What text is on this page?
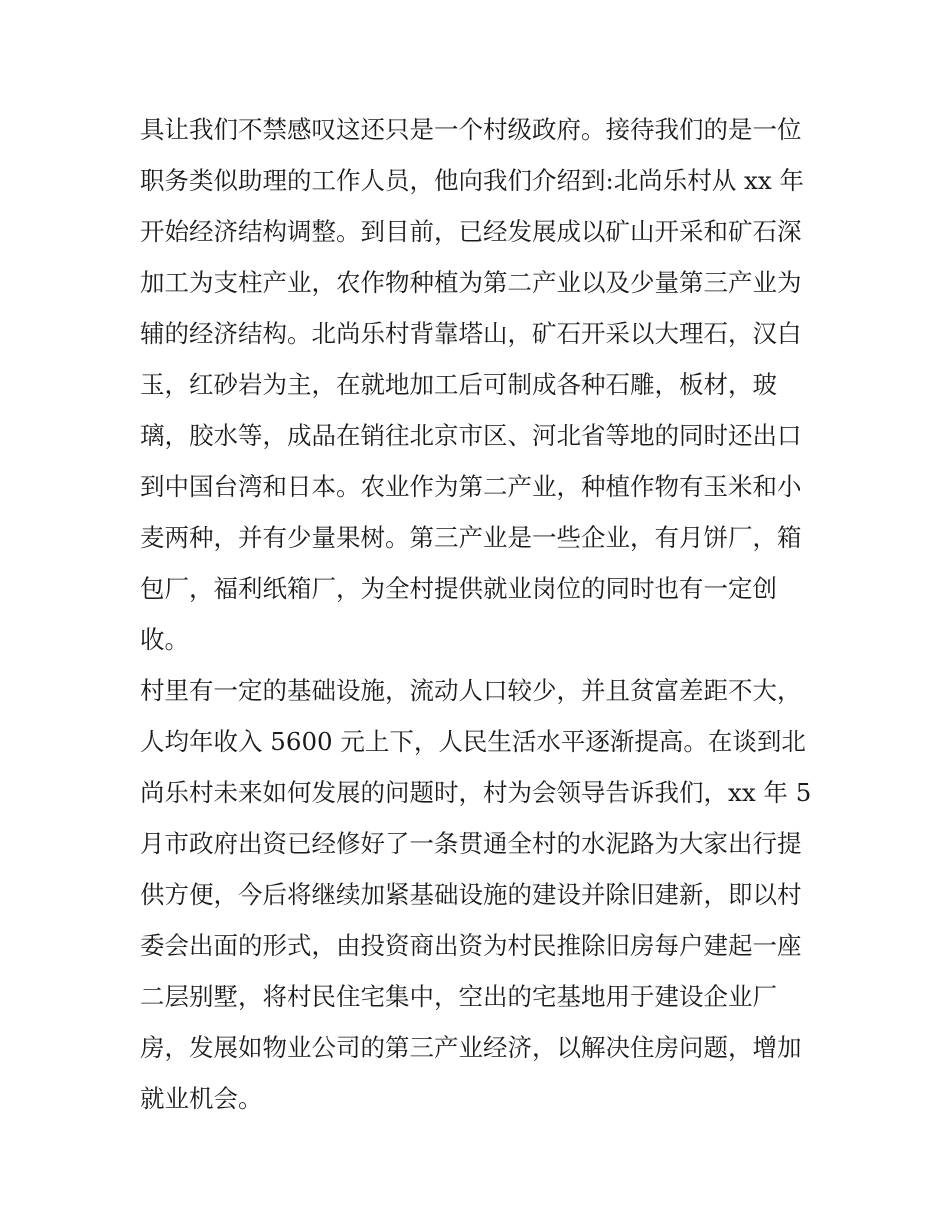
具让我们不禁感叹这还只是一个村级政府。接待我们的是一位
职务类似助理的工作人员，他向我们介绍到:北尚乐村从 xx 年
开始经济结构调整。到目前，已经发展成以矿山开采和矿石深
加工为支柱产业，农作物种植为第二产业以及少量第三产业为
辅的经济结构。北尚乐村背靠塔山，矿石开采以大理石，汉白
玉，红砂岩为主，在就地加工后可制成各种石雕，板材，玻
璃，胶水等，成品在销往北京市区、河北省等地的同时还出口
到中国台湾和日本。农业作为第二产业，种植作物有玉米和小
麦两种，并有少量果树。第三产业是一些企业，有月饼厂，箱
包厂，福利纸箱厂，为全村提供就业岗位的同时也有一定创
收。
村里有一定的基础设施，流动人口较少，并且贫富差距不大，
人均年收入 5600 元上下，人民生活水平逐渐提高。在谈到北
尚乐村未来如何发展的问题时，村为会领导告诉我们，xx 年 5
月市政府出资已经修好了一条贯通全村的水泥路为大家出行提
供方便，今后将继续加紧基础设施的建设并除旧建新，即以村
委会出面的形式，由投资商出资为村民推除旧房每户建起一座
二层别墅，将村民住宅集中，空出的宅基地用于建设企业厂
房，发展如物业公司的第三产业经济，以解决住房问题，增加
就业机会。
